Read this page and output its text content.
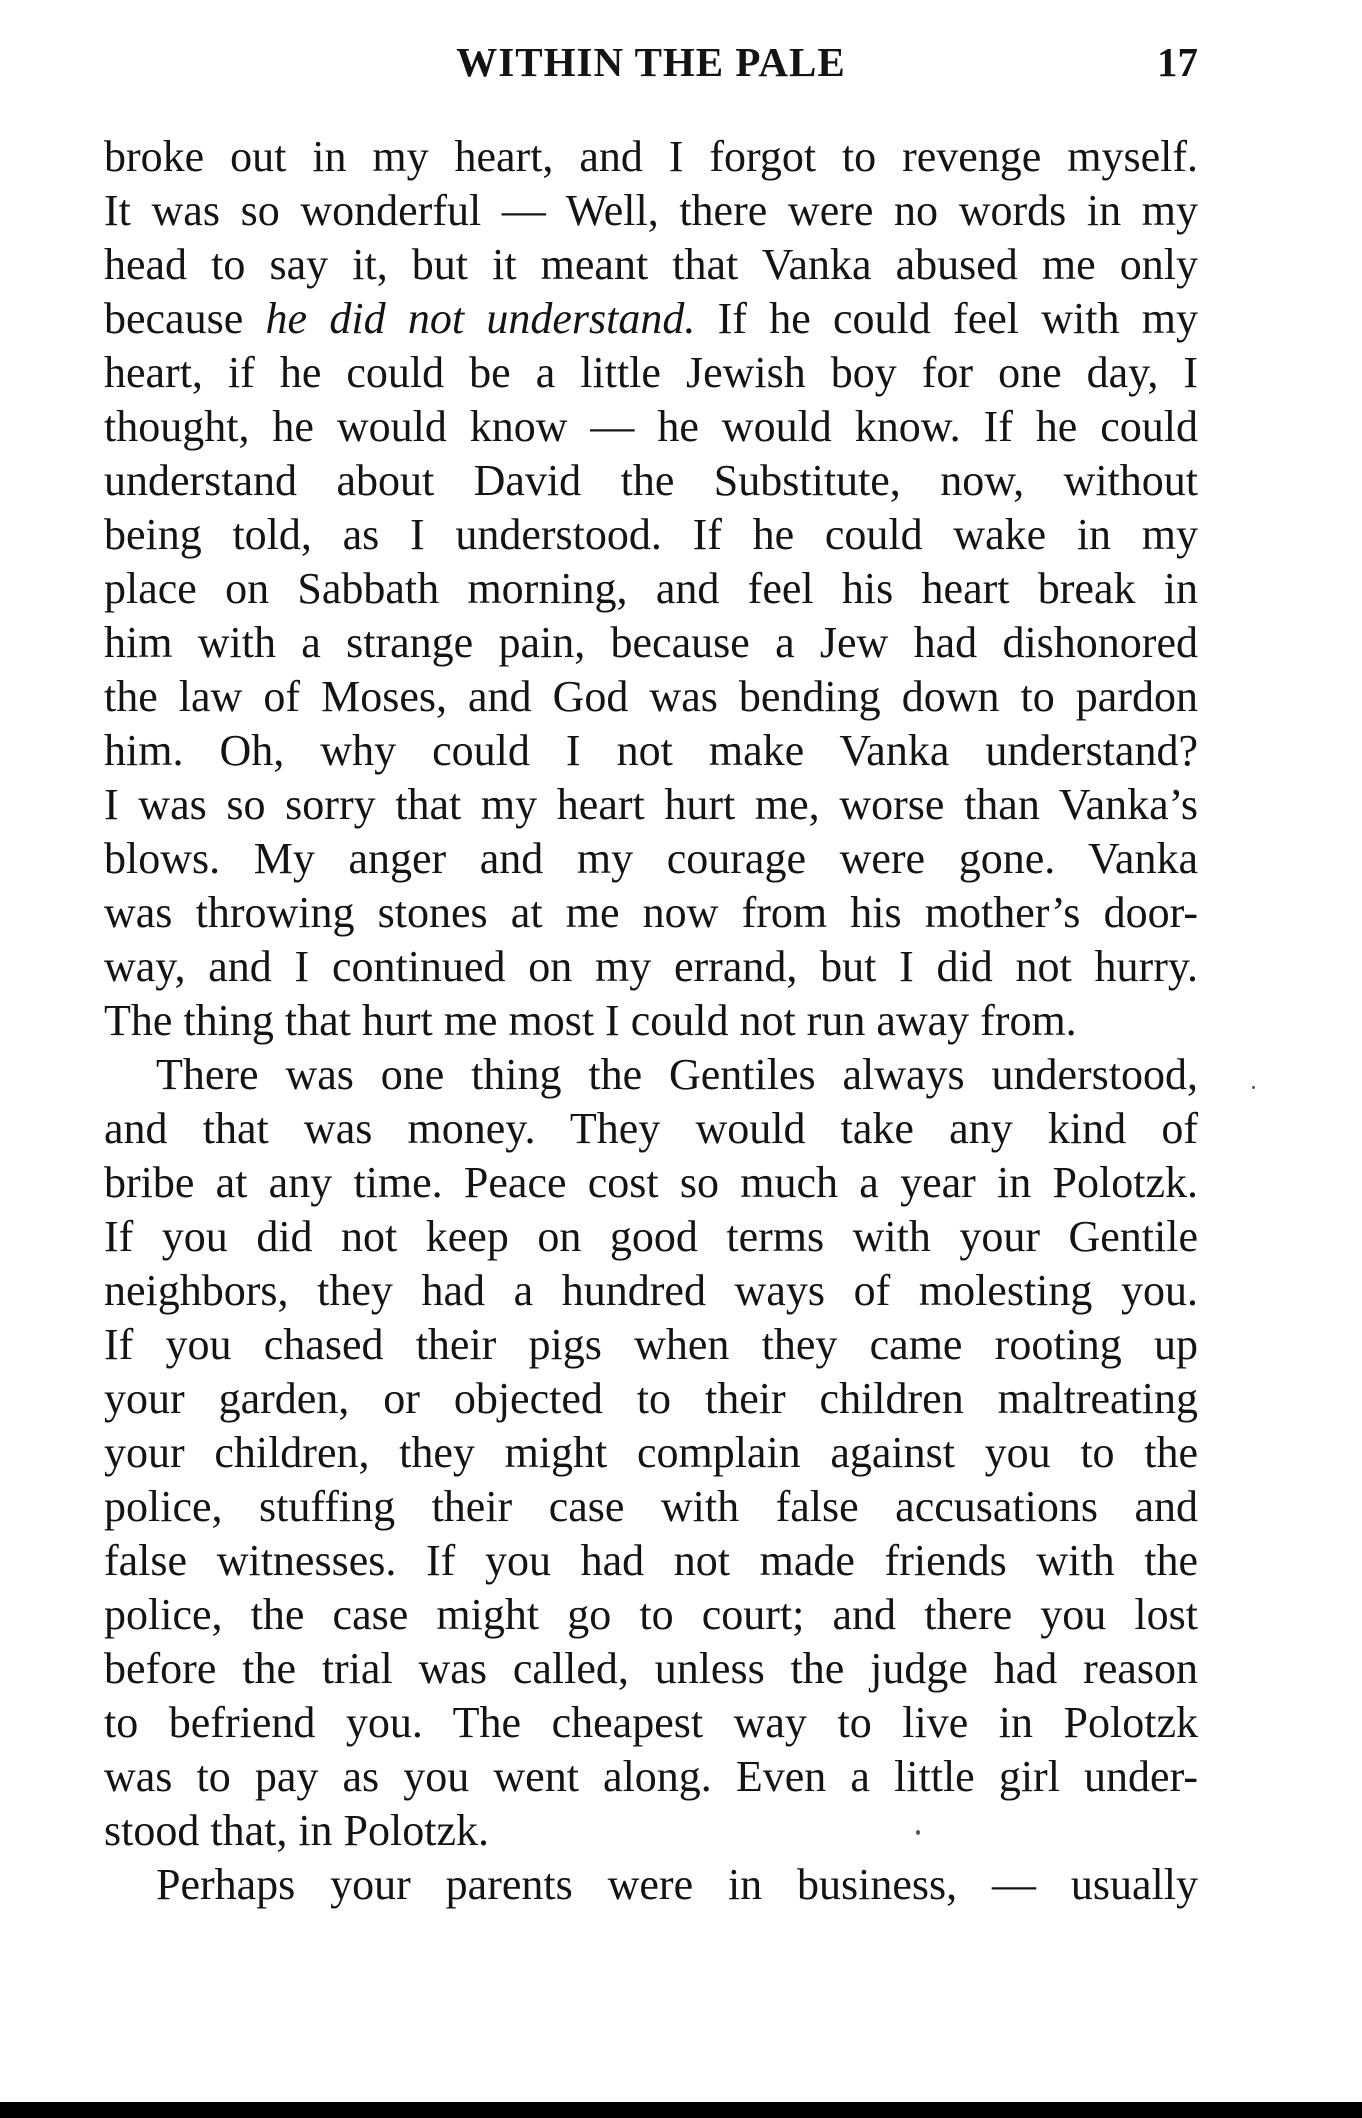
WITHIN THE PALE	17
broke out in my heart, and I forgot to revenge myself.
It was so wonderful — Well, there were no words in my
head to say it, but it meant that Vanka abused me only
because he did not understand. If he could feel with my
heart, if he could be a little Jewish boy for one day, I
thought, he would know — he would know. If he could
understand about David the Substitute, now, without
being told, as I understood. If he could wake in my
place on Sabbath morning, and feel his heart break in
him with a strange pain, because a Jew had dishonored
the law of Moses, and God was bending down to pardon
him. Oh, why could I not make Vanka understand?
I was so sorry that my heart hurt me, worse than Vanka’s
blows. My anger and my courage were gone. Vanka
was throwing stones at me now from his mother’s door-
way, and I continued on my errand, but I did not hurry.
The thing that hurt me most I could not run away from.
There was one thing the Gentiles always understood,
and that was money. They would take any kind of
bribe at any time. Peace cost so much a year in Polotzk.
If you did not keep on good terms with your Gentile
neighbors, they had a hundred ways of molesting you.
If you chased their pigs when they came rooting up
your garden, or objected to their children maltreating
your children, they might complain against you to the
police, stuffing their case with false accusations and
false witnesses. If you had not made friends with the
police, the case might go to court; and there you lost
before the trial was called, unless the judge had reason
to befriend you. The cheapest way to live in Polotzk
was to pay as you went along. Even a little girl under-
stood that, in Polotzk.
Perhaps your parents were in business, — usually
